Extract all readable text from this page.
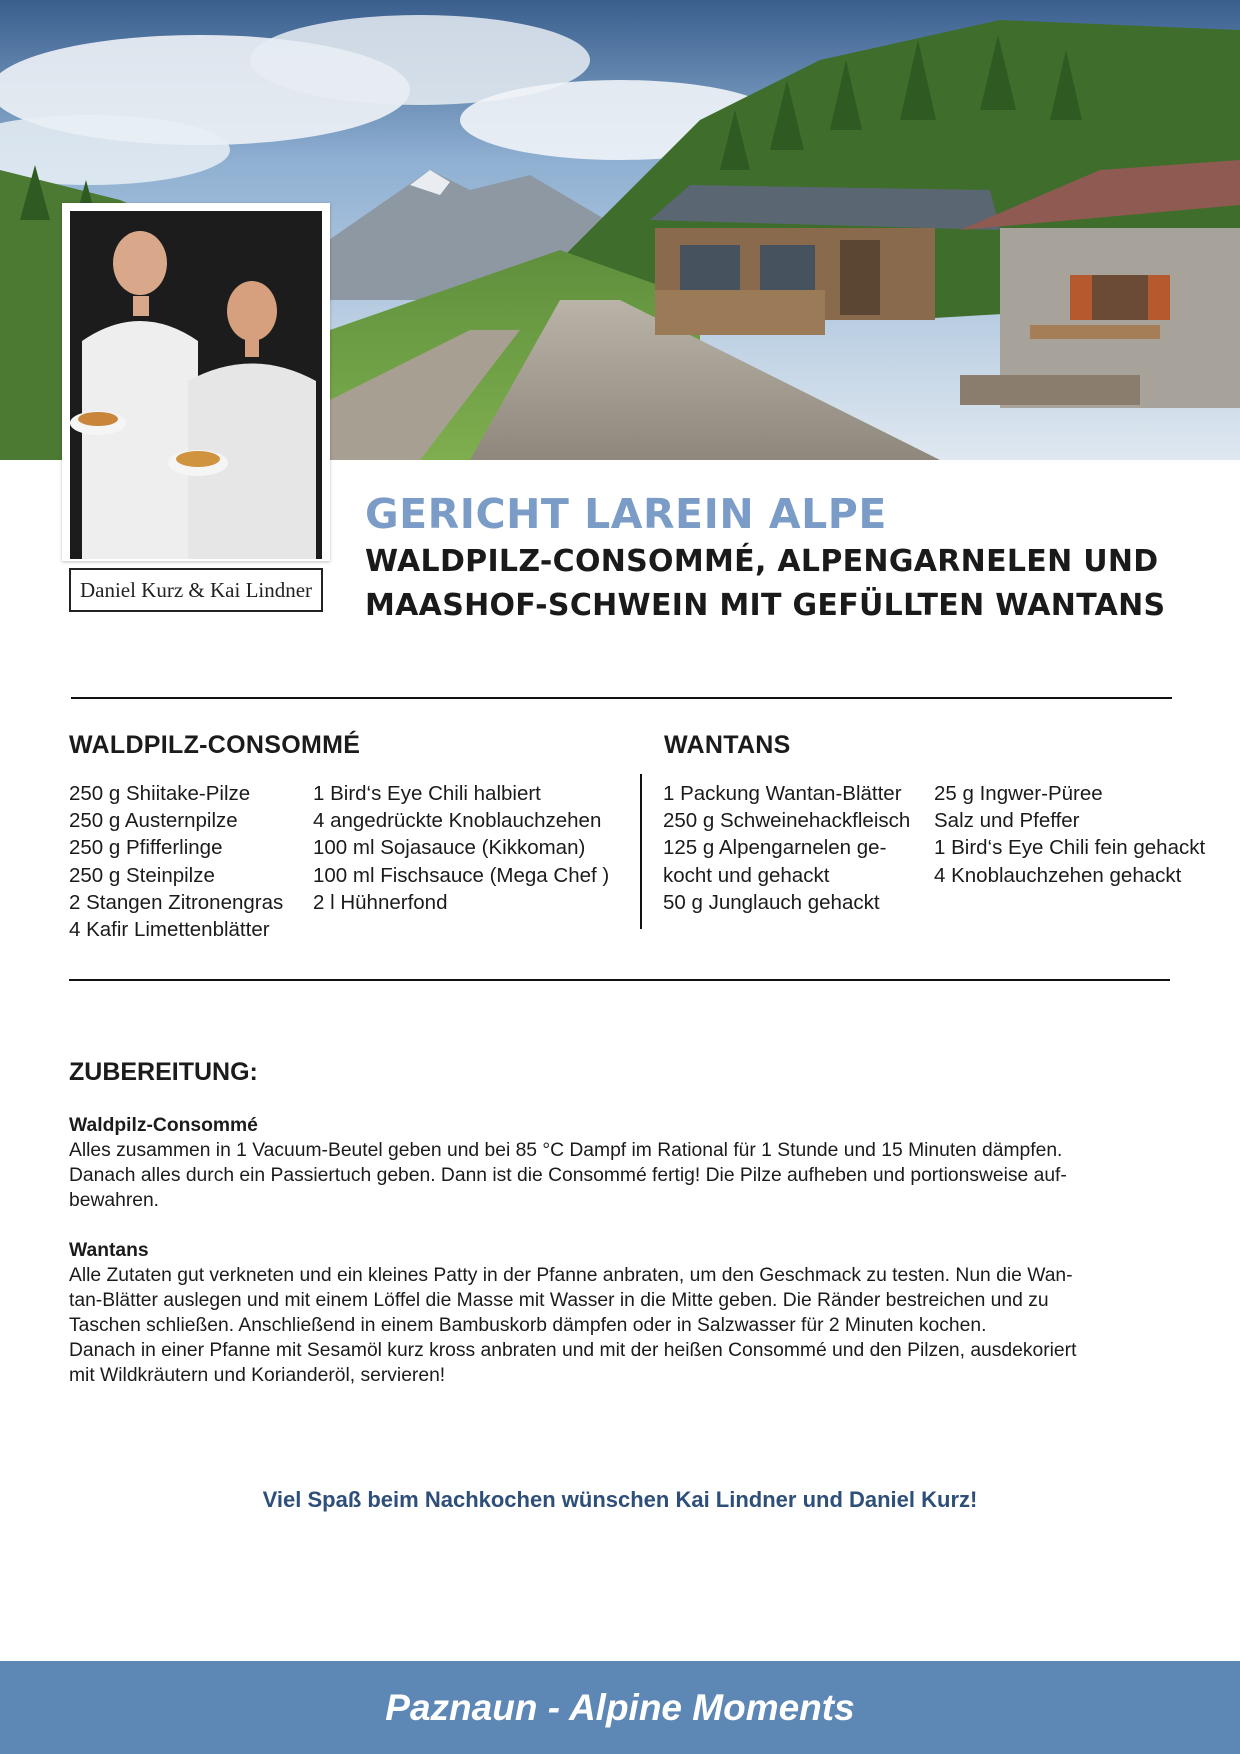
Daniel Kurz & Kai Lindner
GERICHT LAREIN ALPE
WALDPILZ-CONSOMMÉ, ALPENGARNELEN UND
MAASHOF-SCHWEIN MIT GEFÜLLTEN WANTANS
WALDPILZ-CONSOMMÉ
250 g Shiitake-Pilze
250 g Austernpilze
250 g Pfifferlinge
250 g Steinpilze
2 Stangen Zitronengras
4 Kafir Limettenblätter
1 Bird‘s Eye Chili halbiert
4 angedrückte Knoblauchzehen
100 ml Sojasauce (Kikkoman)
100 ml Fischsauce (Mega Chef )
2 l Hühnerfond
WANTANS
1 Packung Wantan-Blätter
250 g Schweinehackfleisch
125 g Alpengarnelen ge-
kocht und gehackt
50 g Junglauch gehackt
25 g Ingwer-Püree
Salz und Pfeffer
1 Bird‘s Eye Chili fein gehackt
4 Knoblauchzehen gehackt
ZUBEREITUNG:
Waldpilz-Consommé

Alles zusammen in 1 Vacuum-Beutel geben und bei 85 °C Dampf im Rational für 1 Stunde und 15 Minuten dämpfen.

Danach alles durch ein Passiertuch geben. Dann ist die Consommé fertig! Die Pilze aufheben und portionsweise auf-

bewahren.

Wantans

Alle Zutaten gut verkneten und ein kleines Patty in der Pfanne anbraten, um den Geschmack zu testen. Nun die Wan-

tan-Blätter auslegen und mit einem Löffel die Masse mit Wasser in die Mitte geben. Die Ränder bestreichen und zu

Taschen schließen. Anschließend in einem Bambuskorb dämpfen oder in Salzwasser für 2 Minuten kochen.

Danach in einer Pfanne mit Sesamöl kurz kross anbraten und mit der heißen Consommé und den Pilzen, ausdekoriert

mit Wildkräutern und Korianderöl, servieren!

Viel Spaß beim Nachkochen wünschen Kai Lindner und Daniel Kurz!
Paznaun - Alpine Moments
